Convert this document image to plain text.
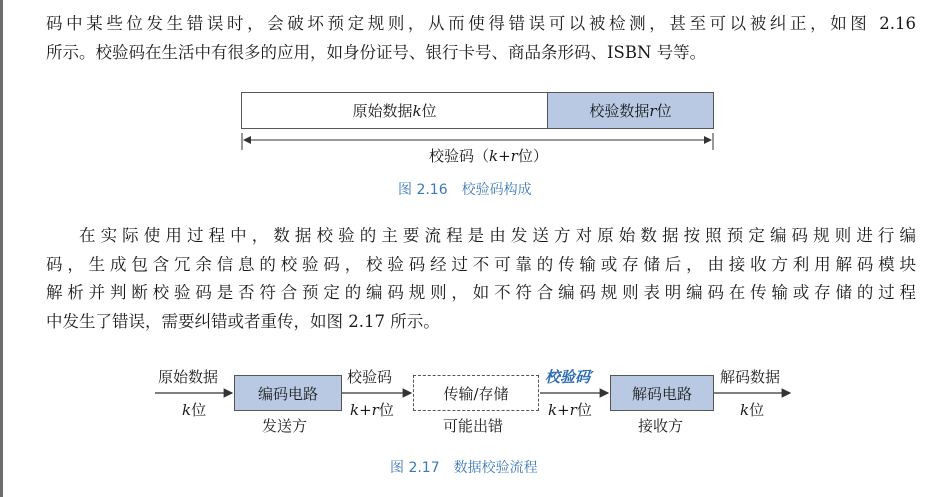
码中某些位发生错误时，会破坏预定规则，从而使得错误可以被检测，甚至可以被纠正，如图 2.16

所示。校验码在生活中有很多的应用，如身份证号、银行卡号、商品条形码、ISBN 号等。

原始数据 k 位	校验数据 r 位
校验码（k+r位）
图 2.16　校验码构成

在实际使用过程中，数据校验的主要流程是由发送方对原始数据按照预定编码规则进行编

码，生成包含冗余信息的校验码，校验码经过不可靠的传输或存储后，由接收方利用解码模块

解析并判断校验码是否符合预定的编码规则，如不符合编码规则表明编码在传输或存储的过程

中发生了错误，需要纠错或者重传，如图 2.17 所示。

原始数据
k位
编码电路
发送方
校验码
k+r位
传输/存储
可能出错
校验码′
k+r位
解码电路
接收方
解码数据
k位
图 2.17　数据校验流程
